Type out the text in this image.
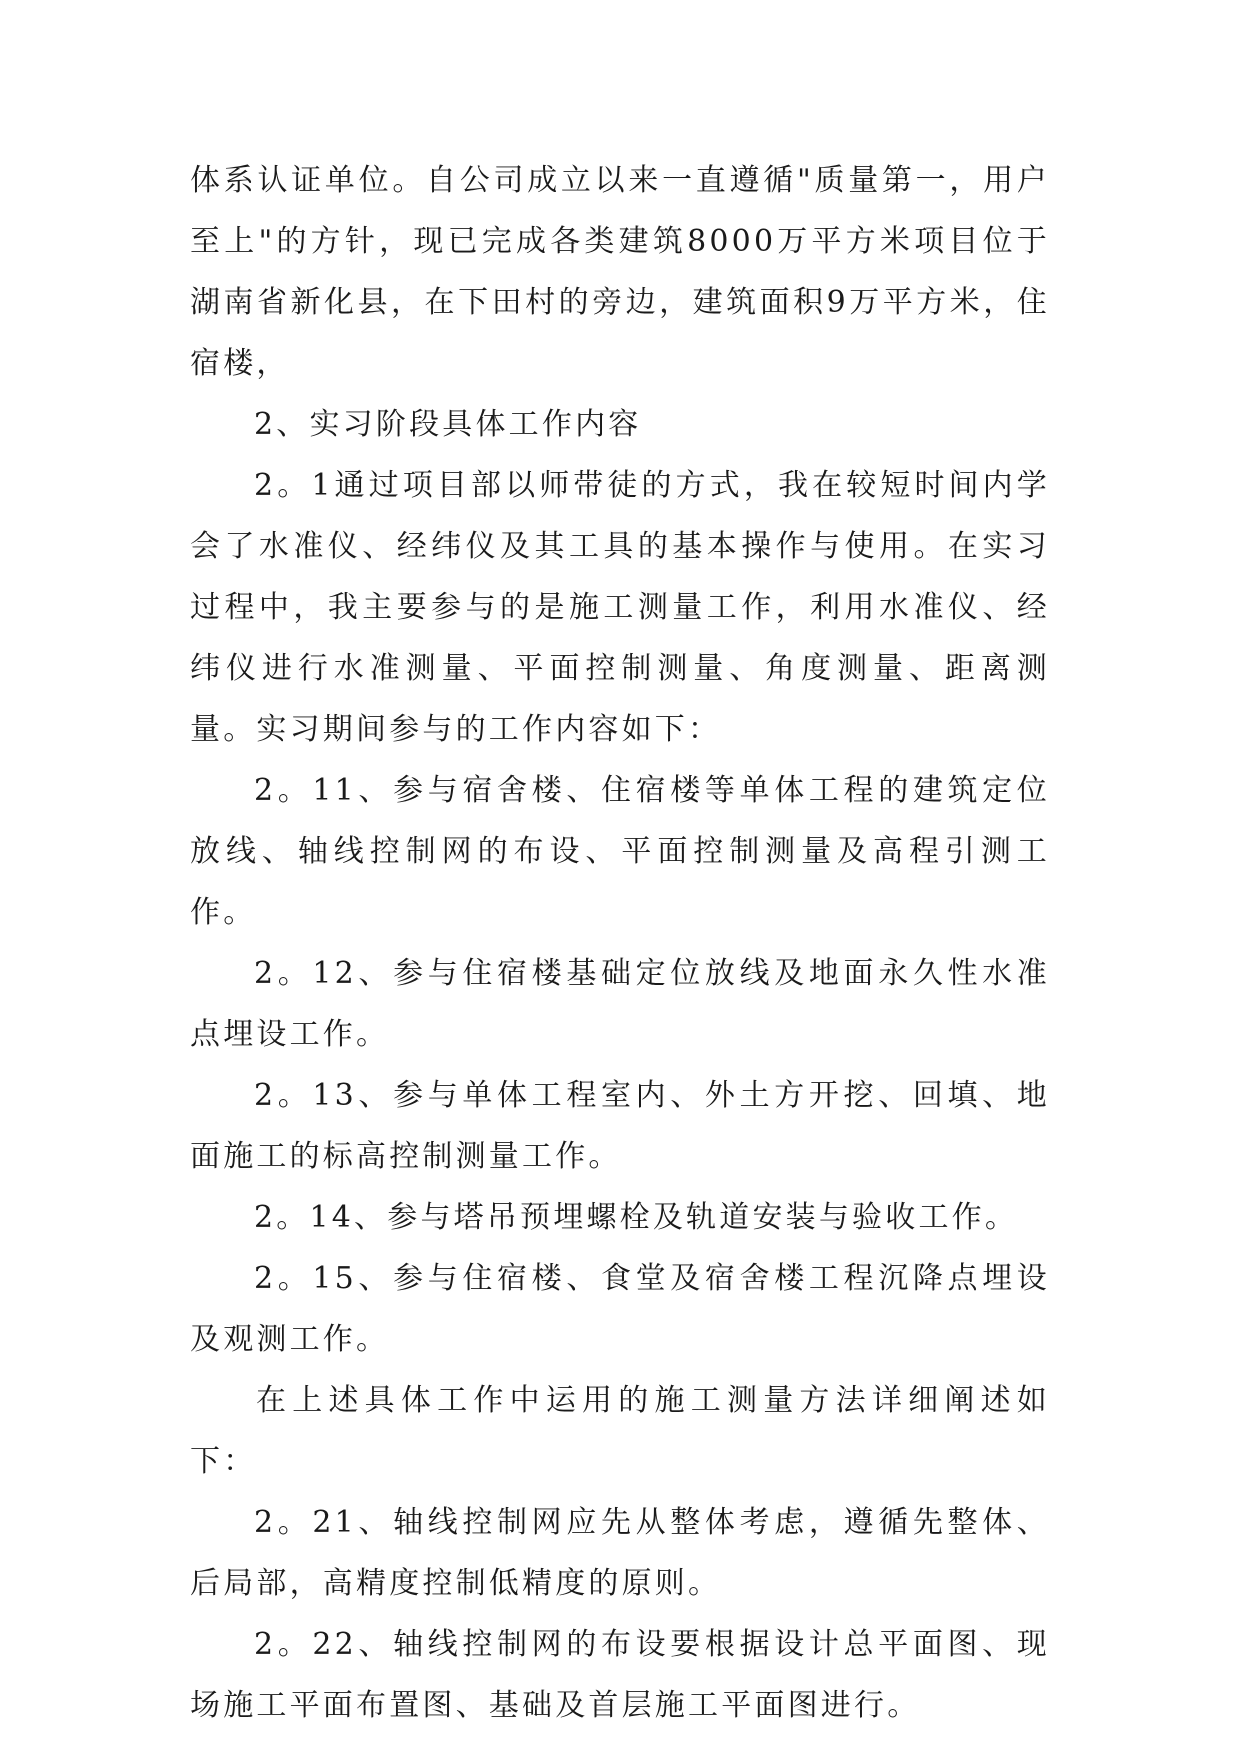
体系认证单位。自公司成立以来一直遵循"质量第一，用户至上"的方针，现已完成各类建筑8000万平方米项目位于湖南省新化县，在下田村的旁边，建筑面积9万平方米，住宿楼，

2、实习阶段具体工作内容

2。1通过项目部以师带徒的方式，我在较短时间内学会了水准仪、经纬仪及其工具的基本操作与使用。在实习过程中，我主要参与的是施工测量工作，利用水准仪、经纬仪进行水准测量、平面控制测量、角度测量、距离测量。实习期间参与的工作内容如下：

2。11、参与宿舍楼、住宿楼等单体工程的建筑定位放线、轴线控制网的布设、平面控制测量及高程引测工作。

2。12、参与住宿楼基础定位放线及地面永久性水准点埋设工作。

2。13、参与单体工程室内、外土方开挖、回填、地面施工的标高控制测量工作。

2。14、参与塔吊预埋螺栓及轨道安装与验收工作。

2。15、参与住宿楼、食堂及宿舍楼工程沉降点埋设及观测工作。

在上述具体工作中运用的施工测量方法详细阐述如下：

2。21、轴线控制网应先从整体考虑，遵循先整体、后局部，高精度控制低精度的原则。

2。22、轴线控制网的布设要根据设计总平面图、现场施工平面布置图、基础及首层施工平面图进行。
